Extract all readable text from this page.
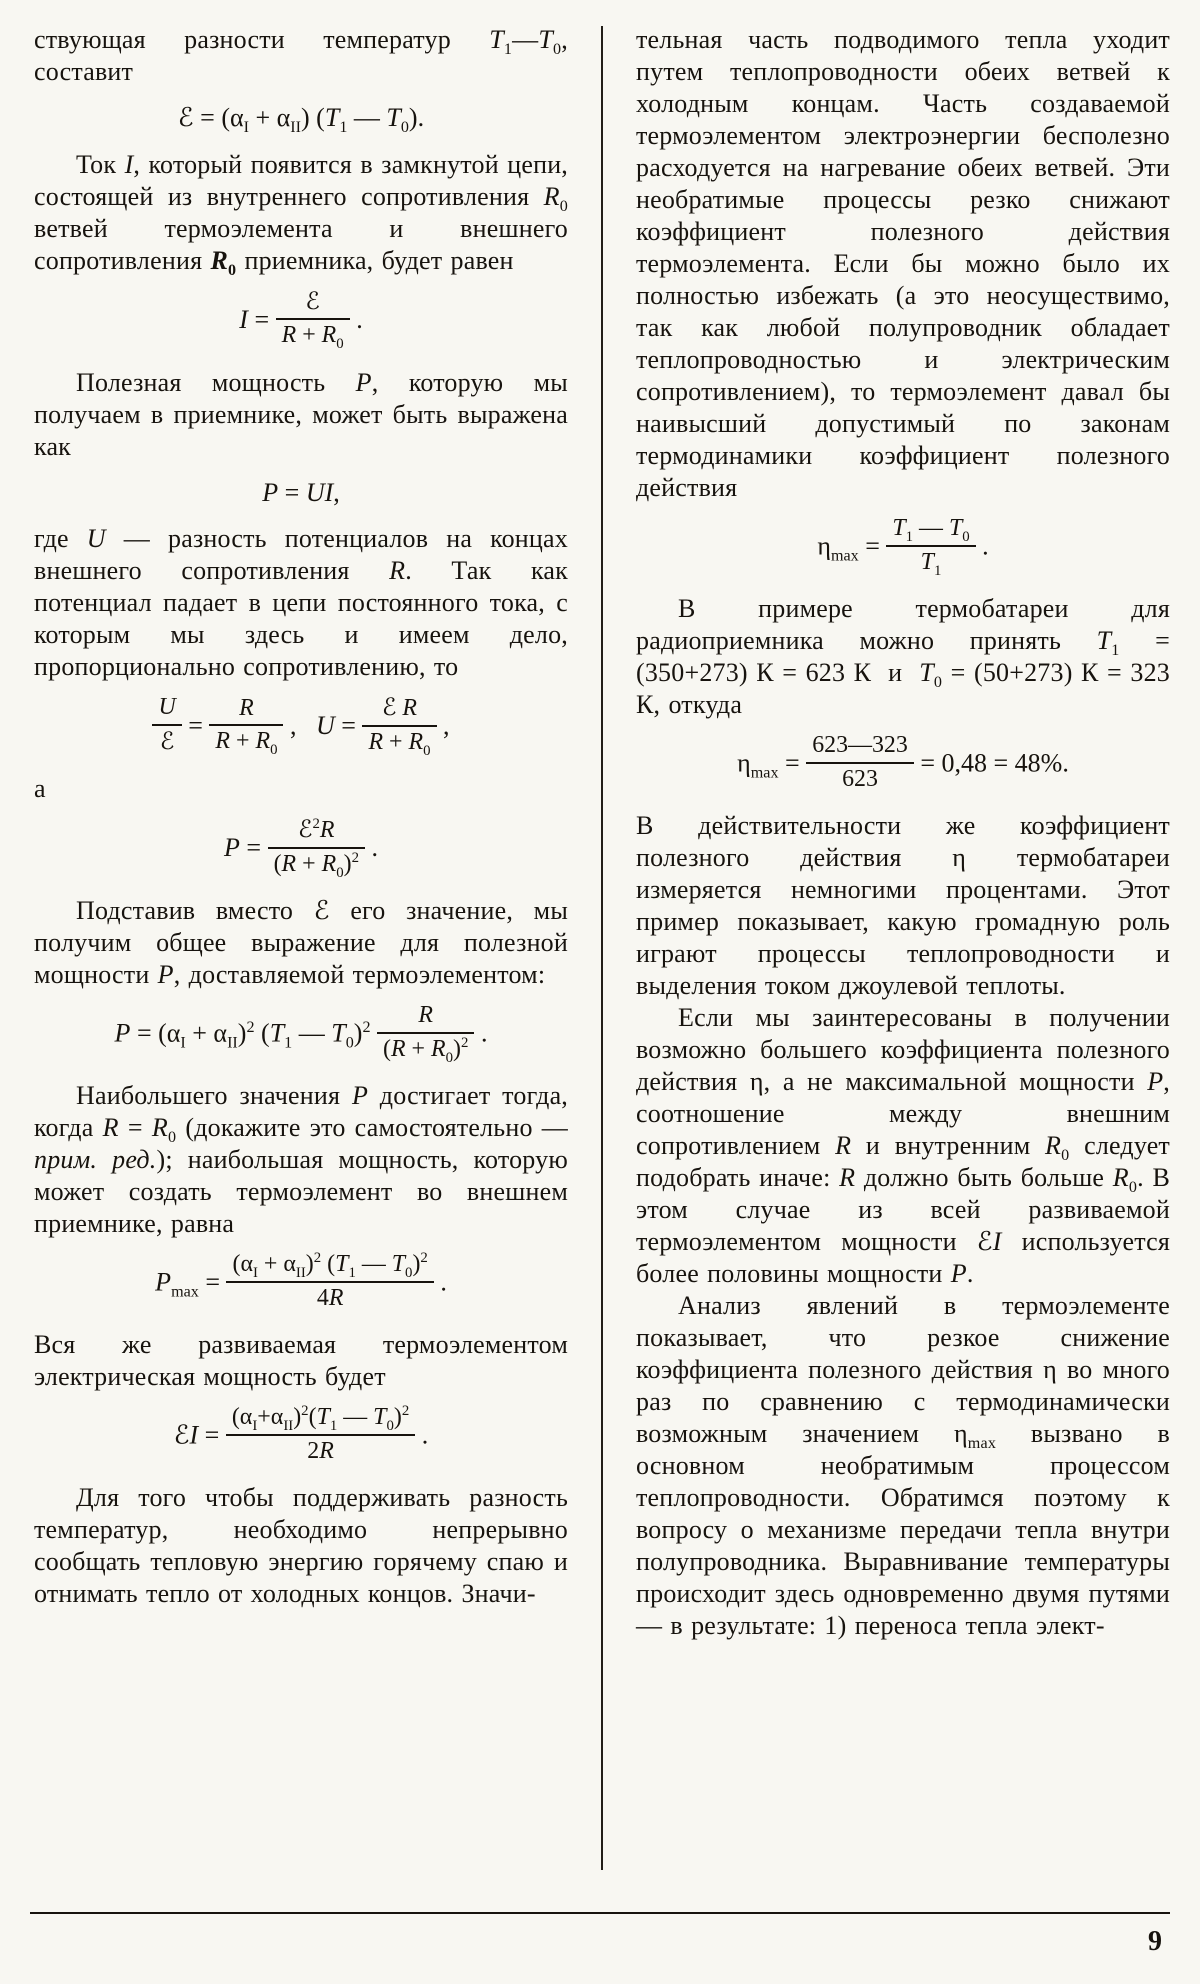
ствующая разности температур $T_1—T_0$, составит

ℰ = $(\alpha_I + \alpha_{II})$ ($T_1$ — $T_0$).

Ток I, который появится в замкнутой цепи, состоящей из внутреннего сопротивления $R_0$ ветвей термоэлемента и внешнего сопротивления $R_0$ приемника, будет равен

$I = \frac{\text{ℰ}}{R + R_0}$ .

Полезная мощность P, которую мы получаем в приемнике, может быть выражена как

P = UI,

где U — разность потенциалов на концах внешнего сопротивления R. Так как потенциал падает в цепи постоянного тока, с которым мы здесь и имеем дело, пропорционально сопротивлению, то

$\frac{U}{\text{ℰ}} = \frac{R}{R + R_0}$ ,  $U = \frac{\text{ℰ R}}{R + R_0}$ ,

а

$P = \frac{ℰ^2R}{(R + R_0)^2}$ .

Подставив вместо ℰ его значение, мы получим общее выражение для полезной мощности P, доставляемой термоэлементом:

$P = (\alpha_I + \alpha_{II})^2$ ($T_1$ — $T_0)^2 \frac{R}{(R + R_0)^2}$ .

Наибольшего значения P достигает тогда, когда $R = R_0$ (докажите это самостоятельно — прим. ред.); наибольшая мощность, которую может создать термоэлемент во внешнем приемнике, равна

$P_{max} = \frac{(\alpha_I + \alpha_{II})^2 (T_1 — T_0)^2}{4R}$ .

Вся же развиваемая термоэлементом электрическая мощность будет

ℰI = $\frac{(\alpha_I+\alpha_{II})^2(T_1 — T_0)^2}{2R}$ .

Для того чтобы поддерживать разность температур, необходимо непрерывно сообщать тепловую энергию горячему спаю и отнимать тепло от холодных концов. Значи-

тельная часть подводимого тепла уходит путем теплопроводности обеих ветвей к холодным концам. Часть создаваемой термоэлементом электроэнергии бесполезно расходуется на нагревание обеих ветвей. Эти необратимые процессы резко снижают коэффициент полезного действия термоэлемента. Если бы можно было их полностью избежать (а это неосуществимо, так как любой полупроводник обладает теплопроводностью и электрическим сопротивлением), то термоэлемент давал бы наивысший допустимый по законам термодинамики коэффициент полезного действия

$\eta_{max} = \frac{T_1 — T_0}{T_1}$ .

В примере термобатареи для радиоприемника можно принять $T_1 = (350+273) К = 623$ К  и  $T_0 = (50+273) К = 323$ К, откуда

$\eta_{max} = \frac{623—323}{623} = 0,48 = 48\%$.

В действительности же коэффициент полезного действия η термобатареи измеряется немногими процентами. Этот пример показывает, какую громадную роль играют процессы теплопроводности и выделения током джоулевой теплоты.

Если мы заинтересованы в получении возможно большего коэффициента полезного действия η, а не максимальной мощности P, соотношение между внешним сопротивлением R и внутренним $R_0$ следует подобрать иначе: R должно быть больше $R_0$. В этом случае из всей развиваемой термоэлементом мощности ℰI используется более половины мощности P.

Анализ явлений в термоэлементе показывает, что резкое снижение коэффициента полезного действия η во много раз по сравнению с термодинамически возможным значением $\eta_{max}$ вызвано в основном необратимым процессом теплопроводности. Обратимся поэтому к вопросу о механизме передачи тепла внутри полупроводника. Выравнивание температуры происходит здесь одновременно двумя путями — в результате: 1) переноса тепла элект-

9
